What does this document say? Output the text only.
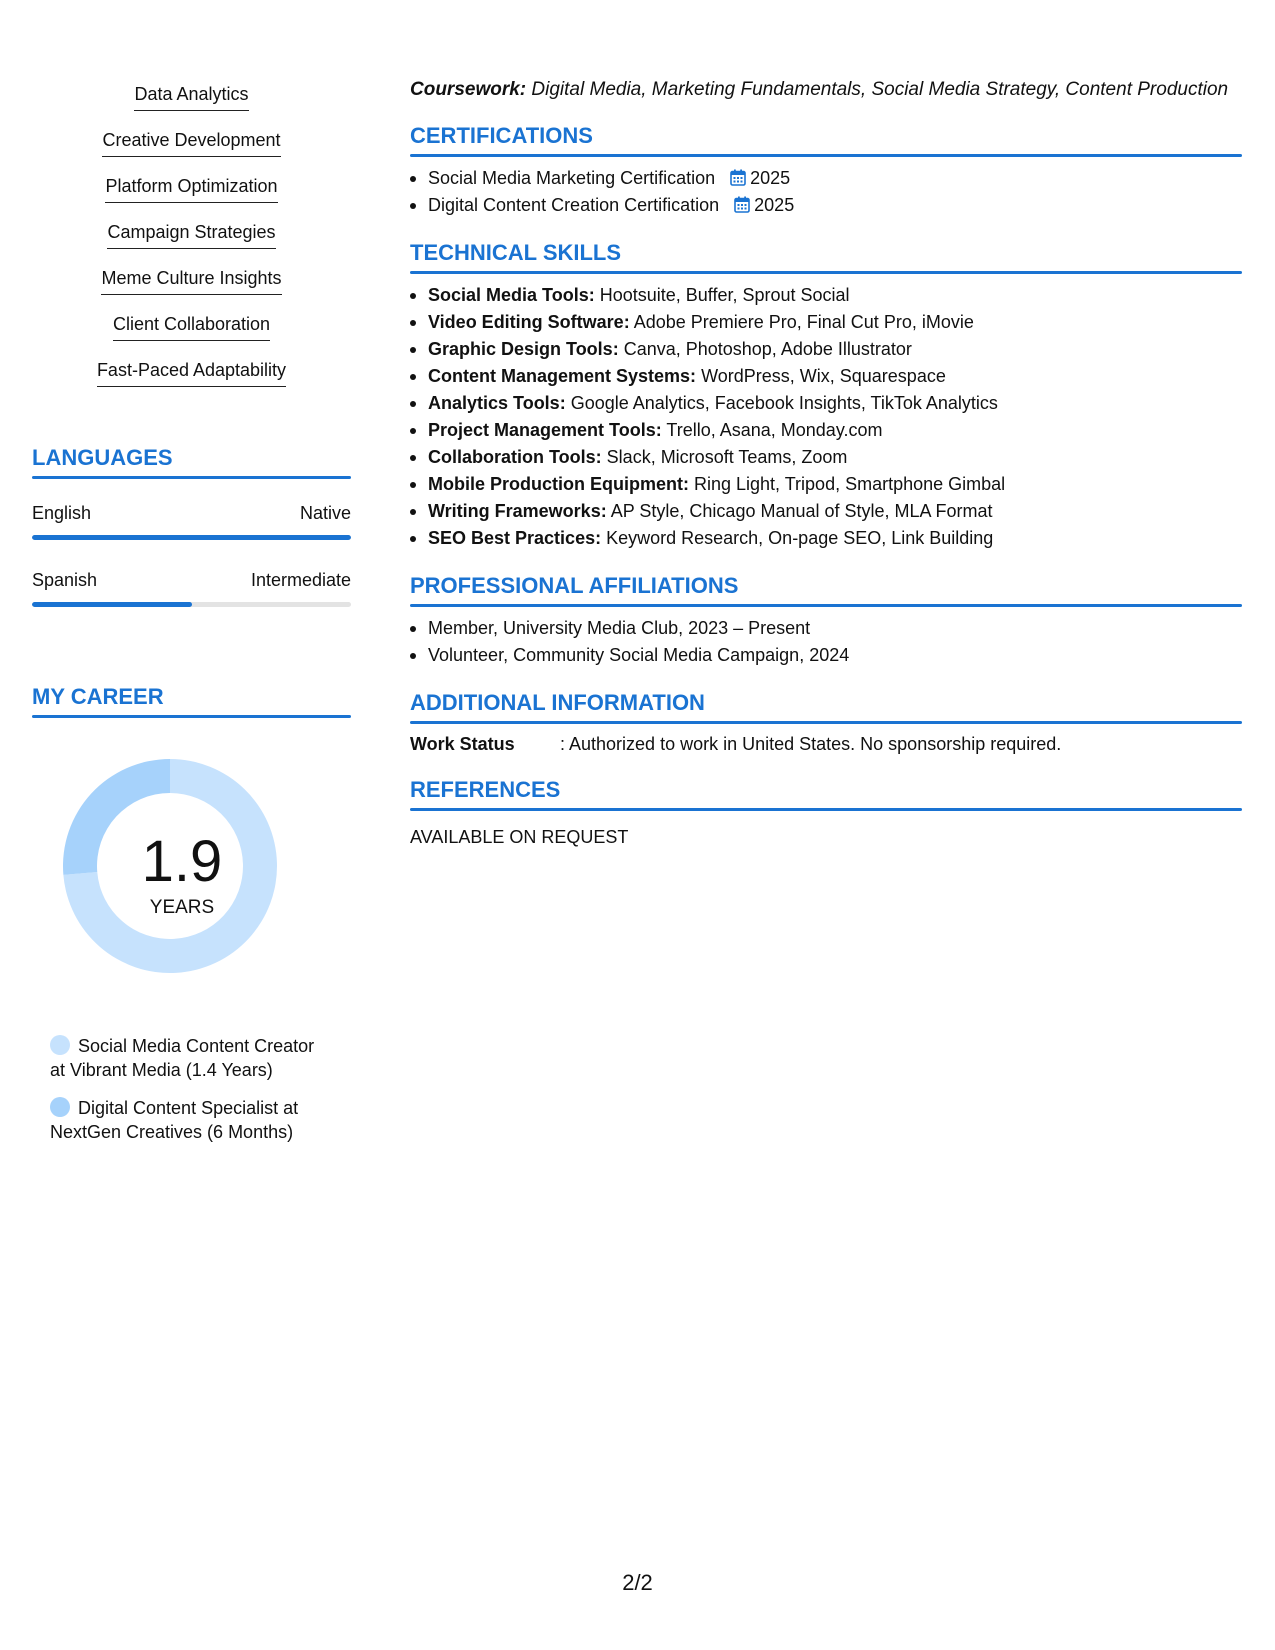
Data Analytics
Creative Development
Platform Optimization
Campaign Strategies
Meme Culture Insights
Client Collaboration
Fast-Paced Adaptability
LANGUAGES
English	Native
Spanish	Intermediate
MY CAREER
1.9
YEARS
Social Media Content Creator at Vibrant Media (1.4 Years)
Digital Content Specialist at NextGen Creatives (6 Months)
Coursework: Digital Media, Marketing Fundamentals, Social Media Strategy, Content Production
CERTIFICATIONS
Social Media Marketing Certification 2025
Digital Content Creation Certification 2025
TECHNICAL SKILLS
Social Media Tools: Hootsuite, Buffer, Sprout Social
Video Editing Software: Adobe Premiere Pro, Final Cut Pro, iMovie
Graphic Design Tools: Canva, Photoshop, Adobe Illustrator
Content Management Systems: WordPress, Wix, Squarespace
Analytics Tools: Google Analytics, Facebook Insights, TikTok Analytics
Project Management Tools: Trello, Asana, Monday.com
Collaboration Tools: Slack, Microsoft Teams, Zoom
Mobile Production Equipment: Ring Light, Tripod, Smartphone Gimbal
Writing Frameworks: AP Style, Chicago Manual of Style, MLA Format
SEO Best Practices: Keyword Research, On-page SEO, Link Building
PROFESSIONAL AFFILIATIONS
Member, University Media Club, 2023 – Present
Volunteer, Community Social Media Campaign, 2024
ADDITIONAL INFORMATION
Work Status	: Authorized to work in United States. No sponsorship required.
REFERENCES
AVAILABLE ON REQUEST
2/2
